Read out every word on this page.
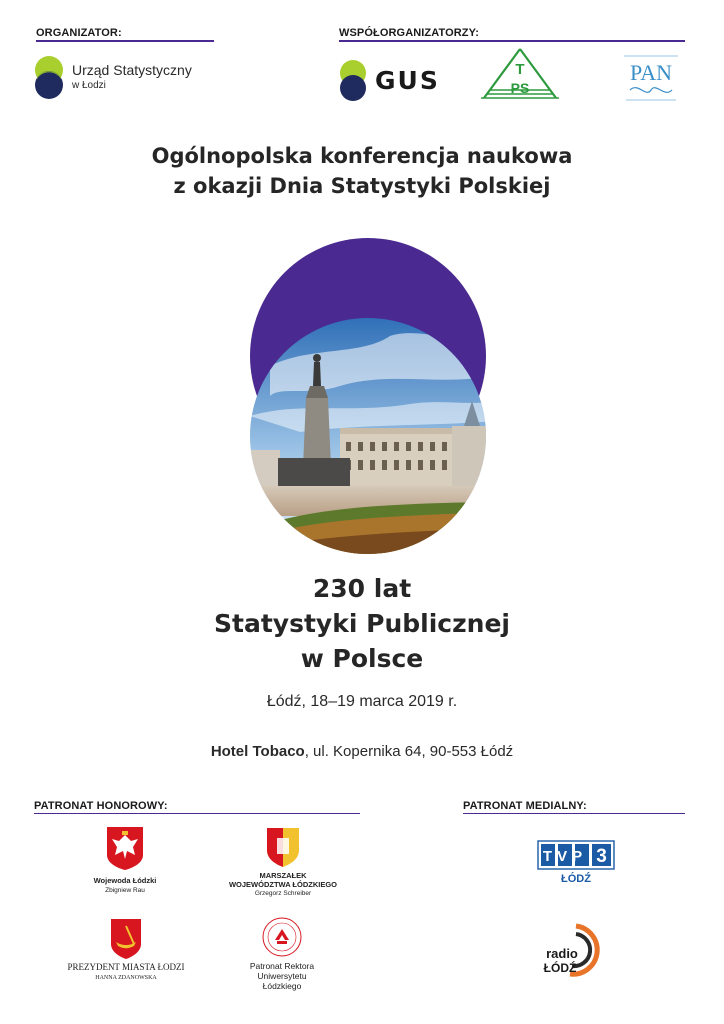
ORGANIZATOR:
Urząd Statystyczny
w Łodzi
WSPÓŁORGANIZATORZY:
GUS	T
PS
PAN
Ogólnopolska konferencja naukowa
z okazji Dnia Statystyki Polskiej
230 lat
Statystyki Publicznej
w Polsce
Łódź, 18–19 marca 2019 r.
Hotel Tobaco, ul. Kopernika 64, 90-553 Łódź
PATRONAT HONOROWY:
Wojewoda Łódzki
Zbigniew Rau
MARSZAŁEK
WOJEWÓDZTWA ŁÓDZKIEGO
Grzegorz Schreiber
PREZYDENT MIASTA ŁODZI
HANNA ZDANOWSKA
Patronat Rektora
Uniwersytetu
Łódzkiego
PATRONAT MEDIALNY:
TVP 3
ŁÓDŹ
radio
ŁÓDŹ
